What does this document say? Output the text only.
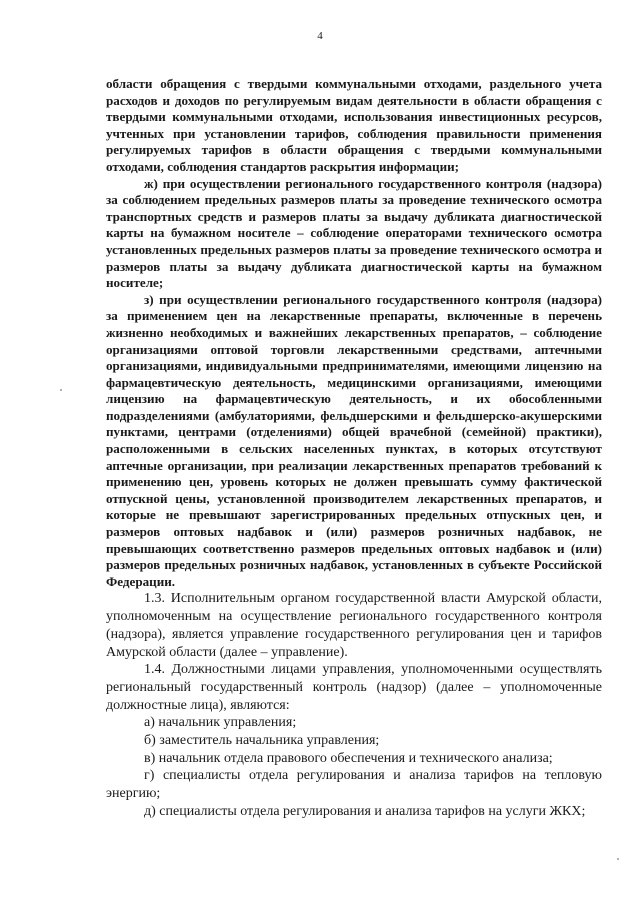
4

области обращения с твердыми коммунальными отходами, раздельного учета расходов и доходов по регулируемым видам деятельности в области обращения с твердыми коммунальными отходами, использования инвестиционных ресурсов, учтенных при установлении тарифов, соблюдения правильности применения регулируемых тарифов в области обращения с твердыми коммунальными отходами, соблюдения стандартов раскрытия информации;

ж) при осуществлении регионального государственного контроля (надзора) за соблюдением предельных размеров платы за проведение технического осмотра транспортных средств и размеров платы за выдачу дубликата диагностической карты на бумажном носителе – соблюдение операторами технического осмотра установленных предельных размеров платы за проведение технического осмотра и размеров платы за выдачу дубликата диагностической карты на бумажном носителе;

з) при осуществлении регионального государственного контроля (надзора) за применением цен на лекарственные препараты, включенные в перечень жизненно необходимых и важнейших лекарственных препаратов, – соблюдение организациями оптовой торговли лекарственными средствами, аптечными организациями, индивидуальными предпринимателями, имеющими лицензию на фармацевтическую деятельность, медицинскими организациями, имеющими лицензию на фармацевтическую деятельность, и их обособленными подразделениями (амбулаториями, фельдшерскими и фельдшерско-акушерскими пунктами, центрами (отделениями) общей врачебной (семейной) практики), расположенными в сельских населенных пунктах, в которых отсутствуют аптечные организации, при реализации лекарственных препаратов требований к применению цен, уровень которых не должен превышать сумму фактической отпускной цены, установленной производителем лекарственных препаратов, и которые не превышают зарегистрированных предельных отпускных цен, и размеров оптовых надбавок и (или) размеров розничных надбавок, не превышающих соответственно размеров предельных оптовых надбавок и (или) размеров предельных розничных надбавок, установленных в субъекте Российской Федерации.

1.3. Исполнительным органом государственной власти Амурской области, уполномоченным на осуществление регионального государственного контроля (надзора), является управление государственного регулирования цен и тарифов Амурской области (далее – управление).

1.4. Должностными лицами управления, уполномоченными осуществлять региональный государственный контроль (надзор) (далее – уполномоченные должностные лица), являются:

а) начальник управления;

б) заместитель начальника управления;

в) начальник отдела правового обеспечения и технического анализа;

г) специалисты отдела регулирования и анализа тарифов на тепловую энергию;

д) специалисты отдела регулирования и анализа тарифов на услуги ЖКХ;
